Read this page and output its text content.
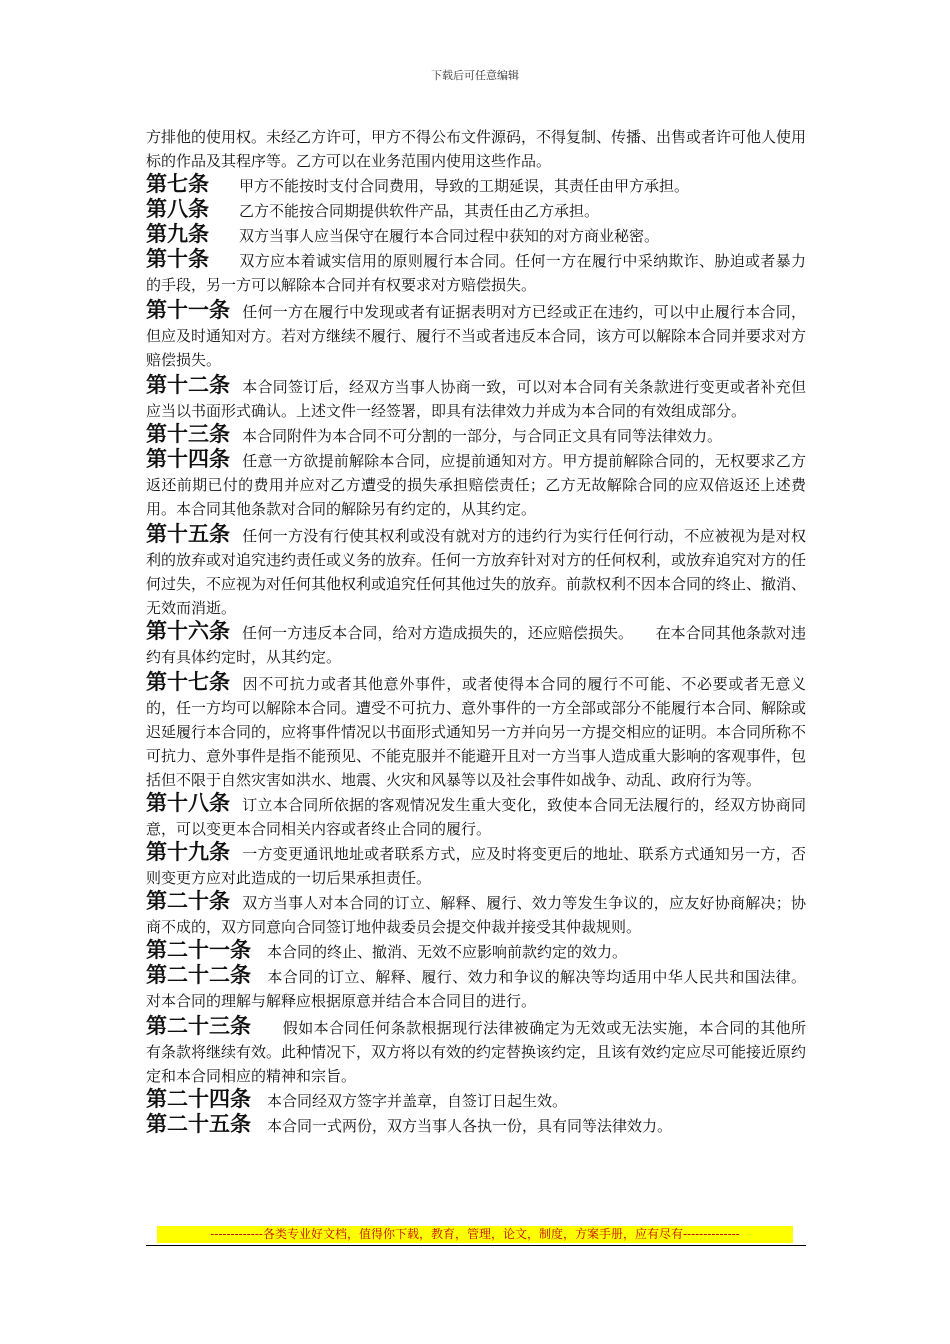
下载后可任意编辑

方排他的使用权。未经乙方许可，甲方不得公布文件源码，不得复制、传播、出售或者许可他人使用标的作品及其程序等。乙方可以在业务范围内使用这些作品。

第七条 甲方不能按时支付合同费用，导致的工期延误，其责任由甲方承担。

第八条 乙方不能按合同期提供软件产品，其责任由乙方承担。

第九条 双方当事人应当保守在履行本合同过程中获知的对方商业秘密。

第十条 双方应本着诚实信用的原则履行本合同。任何一方在履行中采纳欺诈、胁迫或者暴力的手段，另一方可以解除本合同并有权要求对方赔偿损失。

第十一条 任何一方在履行中发现或者有证据表明对方已经或正在违约，可以中止履行本合同，但应及时通知对方。若对方继续不履行、履行不当或者违反本合同，该方可以解除本合同并要求对方赔偿损失。

第十二条 本合同签订后，经双方当事人协商一致，可以对本合同有关条款进行变更或者补充但应当以书面形式确认。上述文件一经签署，即具有法律效力并成为本合同的有效组成部分。

第十三条 本合同附件为本合同不可分割的一部分，与合同正文具有同等法律效力。

第十四条 任意一方欲提前解除本合同，应提前通知对方。甲方提前解除合同的，无权要求乙方返还前期已付的费用并应对乙方遭受的损失承担赔偿责任；乙方无故解除合同的应双倍返还上述费用。本合同其他条款对合同的解除另有约定的，从其约定。

第十五条 任何一方没有行使其权利或没有就对方的违约行为实行任何行动，不应被视为是对权利的放弃或对追究违约责任或义务的放弃。任何一方放弃针对对方的任何权利，或放弃追究对方的任何过失，不应视为对任何其他权利或追究任何其他过失的放弃。前款权利不因本合同的终止、撤消、无效而消逝。

第十六条 任何一方违反本合同，给对方造成损失的，还应赔偿损失。　　在本合同其他条款对违约有具体约定时，从其约定。

第十七条 因不可抗力或者其他意外事件，或者使得本合同的履行不可能、不必要或者无意义的，任一方均可以解除本合同。遭受不可抗力、意外事件的一方全部或部分不能履行本合同、解除或迟延履行本合同的，应将事件情况以书面形式通知另一方并向另一方提交相应的证明。本合同所称不可抗力、意外事件是指不能预见、不能克服并不能避开且对一方当事人造成重大影响的客观事件，包括但不限于自然灾害如洪水、地震、火灾和风暴等以及社会事件如战争、动乱、政府行为等。

第十八条 订立本合同所依据的客观情况发生重大变化，致使本合同无法履行的，经双方协商同意，可以变更本合同相关内容或者终止合同的履行。

第十九条 一方变更通讯地址或者联系方式，应及时将变更后的地址、联系方式通知另一方，否则变更方应对此造成的一切后果承担责任。

第二十条 双方当事人对本合同的订立、解释、履行、效力等发生争议的，应友好协商解决；协商不成的，双方同意向合同签订地仲裁委员会提交仲裁并接受其仲裁规则。

第二十一条 本合同的终止、撤消、无效不应影响前款约定的效力。

第二十二条 本合同的订立、解释、履行、效力和争议的解决等均适用中华人民共和国法律。对本合同的理解与解释应根据原意并结合本合同目的进行。

第二十三条　假如本合同任何条款根据现行法律被确定为无效或无法实施，本合同的其他所有条款将继续有效。此种情况下，双方将以有效的约定替换该约定，且该有效约定应尽可能接近原约定和本合同相应的精神和宗旨。

第二十四条 本合同经双方签字并盖章，自签订日起生效。

第二十五条 本合同一式两份，双方当事人各执一份，具有同等法律效力。

-------------各类专业好文档，值得你下载，教育，管理，论文，制度，方案手册，应有尽有--------------
